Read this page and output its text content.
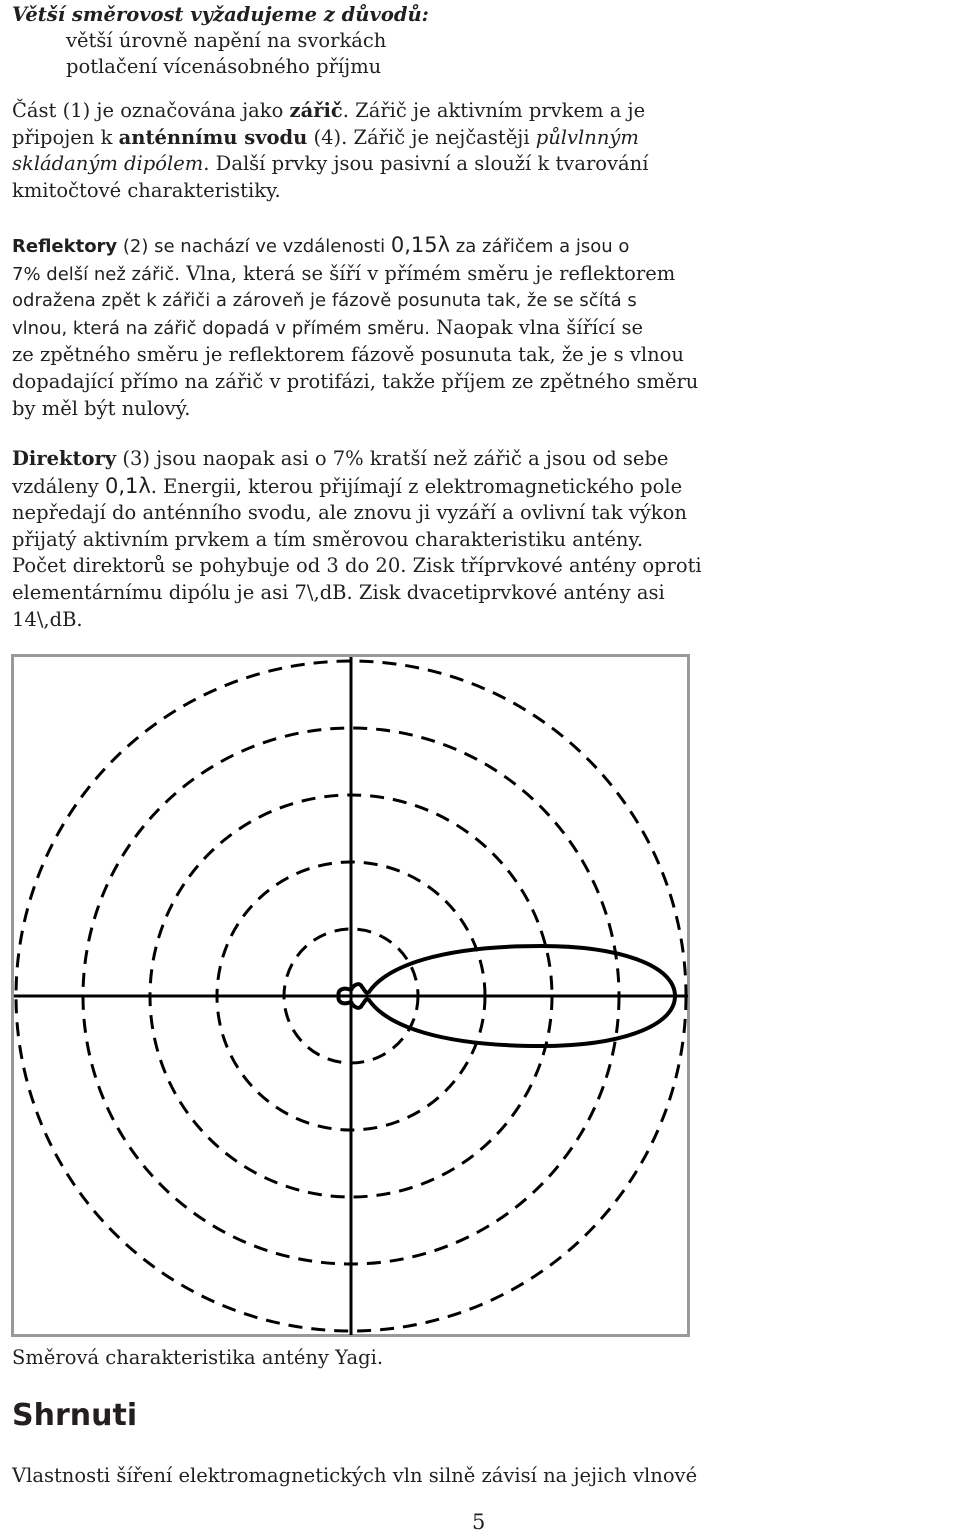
Větší směrovost vyžadujeme z důvodů:
větší úrovně napění na svorkách
potlačení vícenásobného příjmu
Část (1) je označována jako zářič. Zářič je aktivním prvkem a je
připojen k anténnímu svodu (4). Zářič je nejčastěji půlvlnným
skládaným dipólem. Další prvky jsou pasivní a slouží k tvarování
kmitočtové charakteristiky.
Reflektory (2) se nachází ve vzdálenosti 0,15λ za zářičem a jsou o
7% delší než zářič. Vlna, která se šíří v přímém směru je reflektorem
odražena zpět k zářiči a zároveň je fázově posunuta tak, že se sčítá s
vlnou, která na zářič dopadá v přímém směru. Naopak vlna šířící se
ze zpětného směru je reflektorem fázově posunuta tak, že je s vlnou
dopadající přímo na zářič v protifázi, takže příjem ze zpětného směru
by měl být nulový.
Direktory (3) jsou naopak asi o 7% kratší než zářič a jsou od sebe
vzdáleny 0,1λ. Energii, kterou přijímají z elektromagnetického pole
nepředají do anténního svodu, ale znovu ji vyzáří a ovlivní tak výkon
přijatý aktivním prvkem a tím směrovou charakteristiku antény.
Počet direktorů se pohybuje od 3 do 20. Zisk tříprvkové antény oproti
elementárnímu dipólu je asi 7\,dB. Zisk dvacetiprvkové antény asi
14\,dB.
Směrová charakteristika antény Yagi.
Shrnuti
Vlastnosti šíření elektromagnetických vln silně závisí na jejich vlnové
5
